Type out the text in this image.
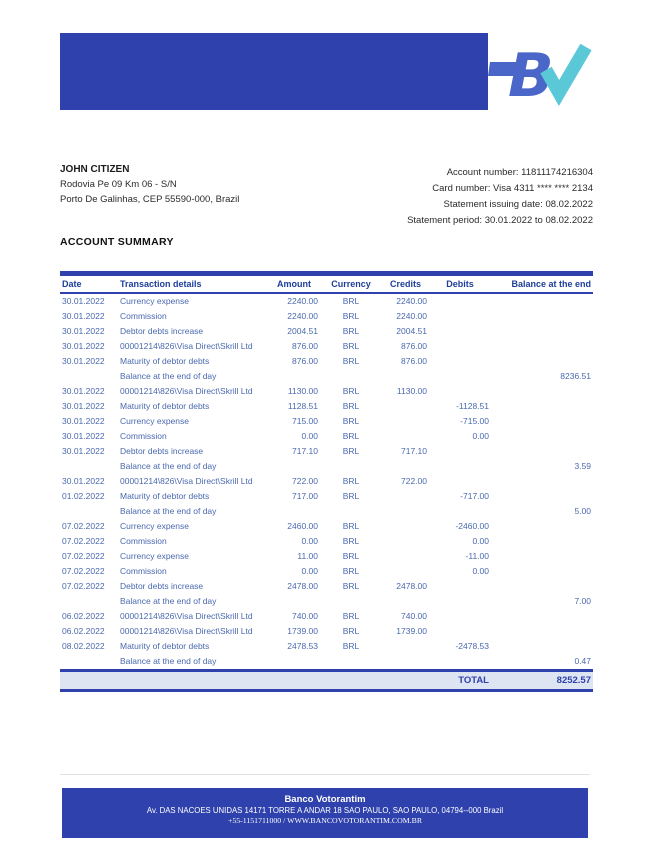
B
JOHN CITIZEN
Rodovia Pe 09 Km 06 - S/N
Porto De Galinhas, CEP 55590-000, Brazil
Account number: 11811174216304
Card number: Visa 4311 **** **** 2134
Statement issuing date: 08.02.2022
Statement period: 30.01.2022 to 08.02.2022
ACCOUNT SUMMARY
Date	Transaction details	Amount	Currency	Credits	Debits	Balance at the end
30.01.2022	Currency expense	2240.00	BRL	2240.00		
30.01.2022	Commission	2240.00	BRL	2240.00		
30.01.2022	Debtor debts increase	2004.51	BRL	2004.51		
30.01.2022	00001214\826\Visa Direct\Skrill Ltd	876.00	BRL	876.00		
30.01.2022	Maturity of debtor debts	876.00	BRL	876.00		
	Balance at the end of day					8236.51
30.01.2022	00001214\826\Visa Direct\Skrill Ltd	1130.00	BRL	1130.00		
30.01.2022	Maturity of debtor debts	1128.51	BRL		-1128.51	
30.01.2022	Currency expense	715.00	BRL		-715.00	
30.01.2022	Commission	0.00	BRL		0.00	
30.01.2022	Debtor debts increase	717.10	BRL	717.10		
	Balance at the end of day					3.59
30.01.2022	00001214\826\Visa Direct\Skrill Ltd	722.00	BRL	722.00		
01.02.2022	Maturity of debtor debts	717.00	BRL		-717.00	
	Balance at the end of day					5.00
07.02.2022	Currency expense	2460.00	BRL		-2460.00	
07.02.2022	Commission	0.00	BRL		0.00	
07.02.2022	Currency expense	11.00	BRL		-11.00	
07.02.2022	Commission	0.00	BRL		0.00	
07.02.2022	Debtor debts increase	2478.00	BRL	2478.00		
	Balance at the end of day					7.00
06.02.2022	00001214\826\Visa Direct\Skrill Ltd	740.00	BRL	740.00		
06.02.2022	00001214\826\Visa Direct\Skrill Ltd	1739.00	BRL	1739.00		
08.02.2022	Maturity of debtor debts	2478.53	BRL		-2478.53	
	Balance at the end of day					0.47
					TOTAL	8252.57
Banco Votorantim
Av. DAS NACOES UNIDAS 14171 TORRE A ANDAR 18 SAO PAULO, SAO PAULO, 04794--000 Brazil
+55-1151711000 / WWW.BANCOVOTORANTIM.COM.BR
